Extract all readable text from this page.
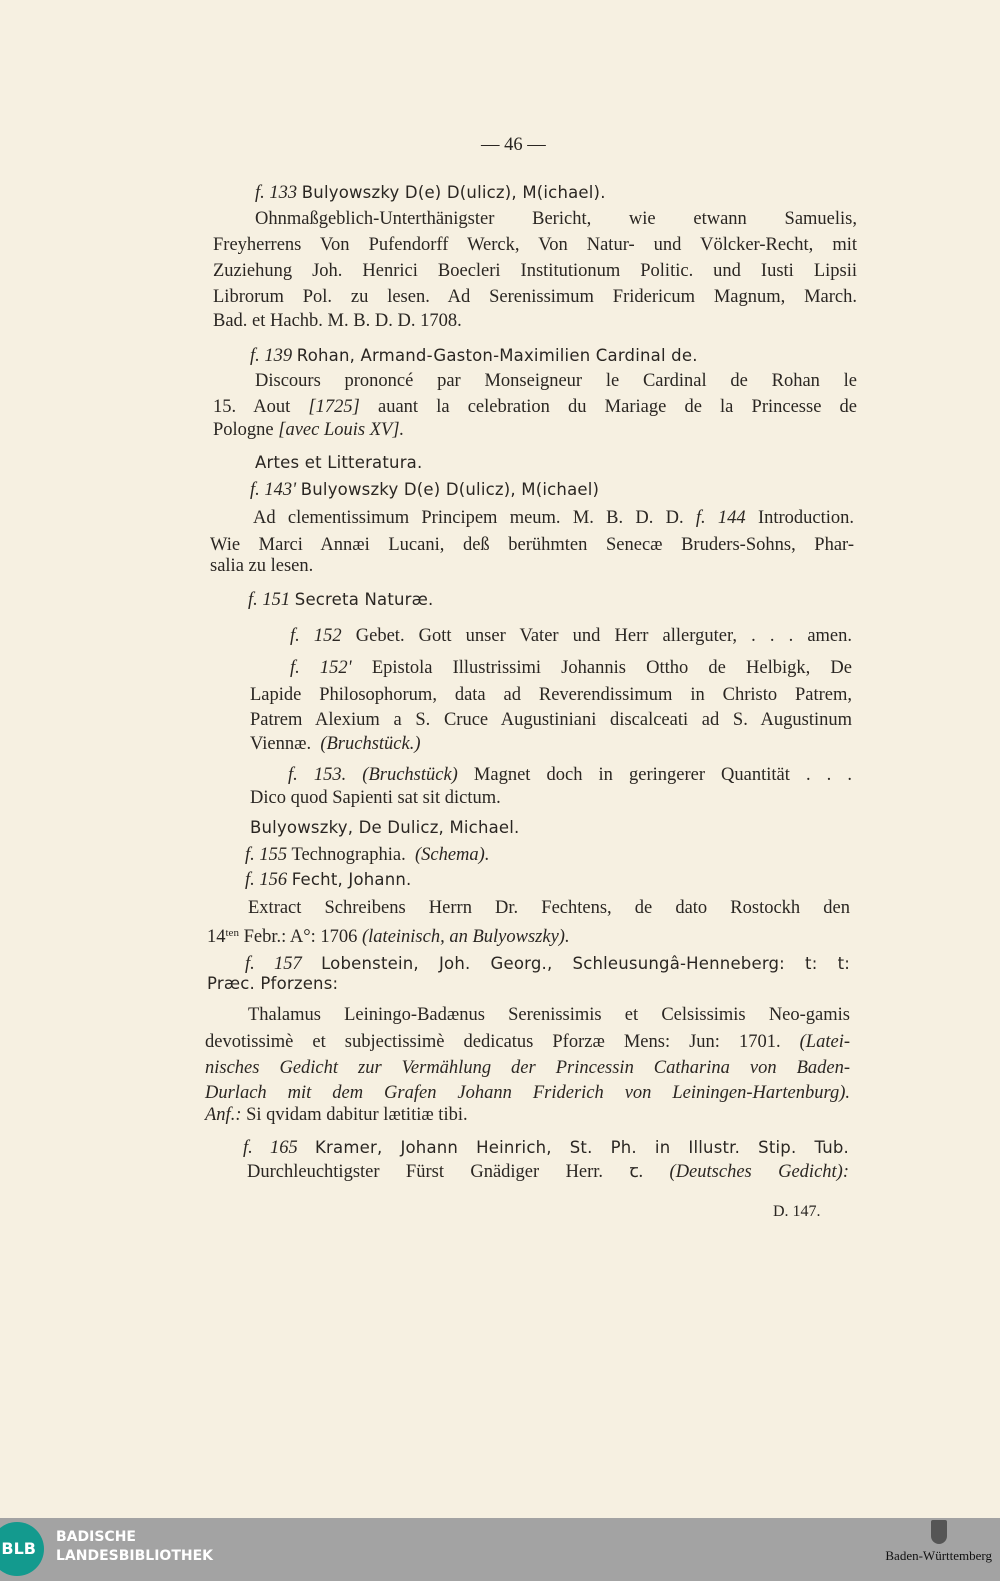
— 46 —
f. 133 Bulyowszky D(e) D(ulicz), M(ichael).
Ohnmaßgeblich-Unterthänigster Bericht, wie etwann Samuelis,
Freyherrens Von Pufendorff Werck, Von Natur- und Völcker-Recht, mit
Zuziehung Joh. Henrici Boecleri Institutionum Politic. und Iusti Lipsii
Librorum Pol. zu lesen. Ad Serenissimum Fridericum Magnum, March.
Bad. et Hachb. M. B. D. D. 1708.
f. 139 Rohan, Armand-Gaston-Maximilien Cardinal de.
Discours prononcé par Monseigneur le Cardinal de Rohan le
15. Aout [1725] auant la celebration du Mariage de la Princesse de
Pologne [avec Louis XV].
Artes et Litteratura.
f. 143' Bulyowszky D(e) D(ulicz), M(ichael)
Ad clementissimum Principem meum. M. B. D. D. f. 144 Introduction.
Wie Marci Annæi Lucani, deß berühmten Senecæ Bruders-Sohns, Phar-
salia zu lesen.
f. 151 Secreta Naturæ.
f. 152 Gebet. Gott unser Vater und Herr allerguter, . . . amen.
f. 152' Epistola Illustrissimi Johannis Ottho de Helbigk, De
Lapide Philosophorum, data ad Reverendissimum in Christo Patrem,
Patrem Alexium a S. Cruce Augustiniani discalceati ad S. Augustinum
Viennæ. (Bruchstück.)
f. 153. (Bruchstück) Magnet doch in geringerer Quantität . . .
Dico quod Sapienti sat sit dictum.
Bulyowszky, De Dulicz, Michael.
f. 155 Technographia. (Schema).
f. 156 Fecht, Johann.
Extract Schreibens Herrn Dr. Fechtens, de dato Rostockh den
$14^{ten}$ Febr.: A°: 1706 (lateinisch, an Bulyowszky).
f. 157 Lobenstein, Joh. Georg., Schleusungâ-Henneberg: t: t:
Præc. Pforzens:
Thalamus Leiningo-Badænus Serenissimis et Celsissimis Neo-gamis
devotissimè et subjectissimè dedicatus Pforzæ Mens: Jun: 1701. (Latei-
nisches Gedicht zur Vermählung der Princessin Catharina von Baden-
Durlach mit dem Grafen Johann Friderich von Leiningen-Hartenburg).
Anf.: Si qvidam dabitur lætitiæ tibi.
f. 165 Kramer, Johann Heinrich, St. Ph. in Illustr. Stip. Tub.
Durchleuchtigster Fürst Gnädiger Herr. ꞇ. (Deutsches Gedicht):
D. 147.
BLB
BADISCHE
LANDESBIBLIOTHEK	Baden-Württemberg
